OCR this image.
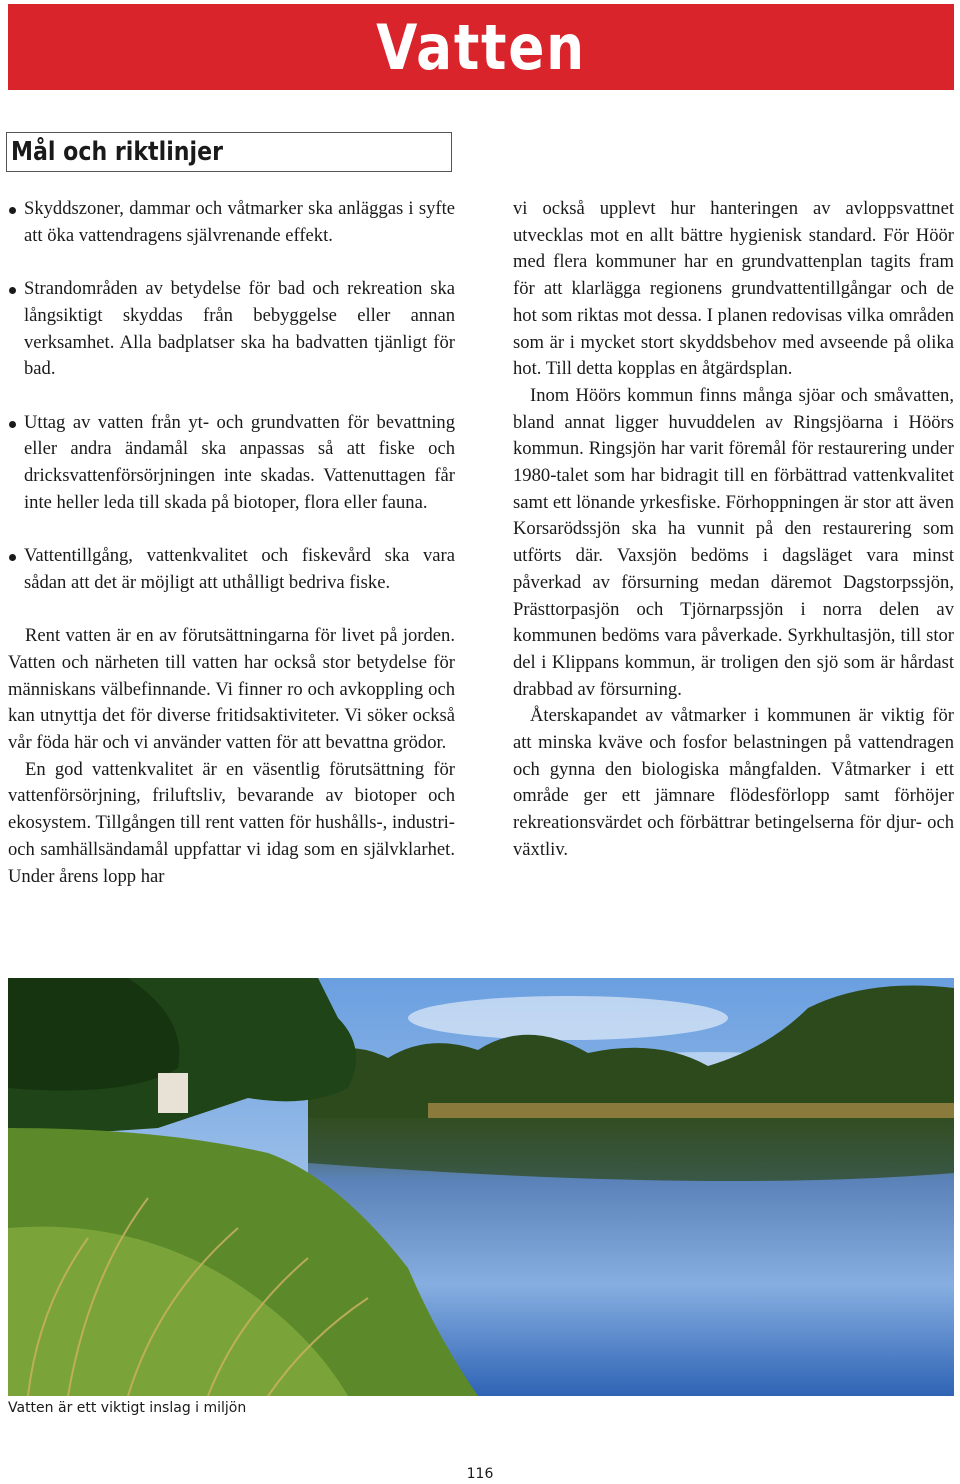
Vatten
Mål och riktlinjer
Skyddszoner, dammar och våtmarker ska anläggas i syfte att öka vattendragens självrenande effekt.
Strandområden av betydelse för bad och rekreation ska långsiktigt skyddas från bebyggelse eller annan verksamhet. Alla badplatser ska ha badvatten tjänligt för bad.
Uttag av vatten från yt- och grundvatten för bevattning eller andra ändamål ska anpassas så att fiske och dricksvattenförsörjningen inte skadas. Vattenuttagen får inte heller leda till skada på biotoper, flora eller fauna.
Vattentillgång, vattenkvalitet och fiskevård ska vara sådan att det är möjligt att uthålligt bedriva fiske.

Rent vatten är en av förutsättningarna för livet på jorden. Vatten och närheten till vatten har också stor betydelse för människans välbefinnande. Vi finner ro och avkoppling och kan utnyttja det för diverse fritidsaktiviteter. Vi söker också vår föda här och vi använder vatten för att bevattna grödor.

En god vattenkvalitet är en väsentlig förutsättning för vattenförsörjning, friluftsliv, bevarande av biotoper och ekosystem. Tillgången till rent vatten för hushålls-, industri- och samhällsändamål uppfattar vi idag som en självklarhet. Under årens lopp har

vi också upplevt hur hanteringen av avloppsvattnet utvecklas mot en allt bättre hygienisk standard. För Höör med flera kommuner har en grundvattenplan tagits fram för att klarlägga regionens grundvattentillgångar och de hot som riktas mot dessa. I planen redovisas vilka områden som är i mycket stort skyddsbehov med avseende på olika hot. Till detta kopplas en åtgärdsplan.

Inom Höörs kommun finns många sjöar och småvatten, bland annat ligger huvuddelen av Ringsjöarna i Höörs kommun. Ringsjön har varit föremål för restaurering under 1980-talet som har bidragit till en förbättrad vattenkvalitet samt ett lönande yrkesfiske. Förhoppningen är stor att även Korsarödssjön ska ha vunnit på den restaurering som utförts där. Vaxsjön bedöms i dagsläget vara minst påverkad av försurning medan däremot Dagstorpssjön, Prästtorpasjön och Tjörnarpssjön i norra delen av kommunen bedöms vara påverkade. Syrkhultasjön, till stor del i Klippans kommun, är troligen den sjö som är hårdast drabbad av försurning.

Återskapandet av våtmarker i kommunen är viktig för att minska kväve och fosfor belastningen på vattendragen och gynna den biologiska mångfalden. Våtmarker i ett område ger ett jämnare flödesförlopp samt förhöjer rekreationsvärdet och förbättrar betingelserna för djur- och växtliv.

Vatten är ett viktigt inslag i miljön
116
